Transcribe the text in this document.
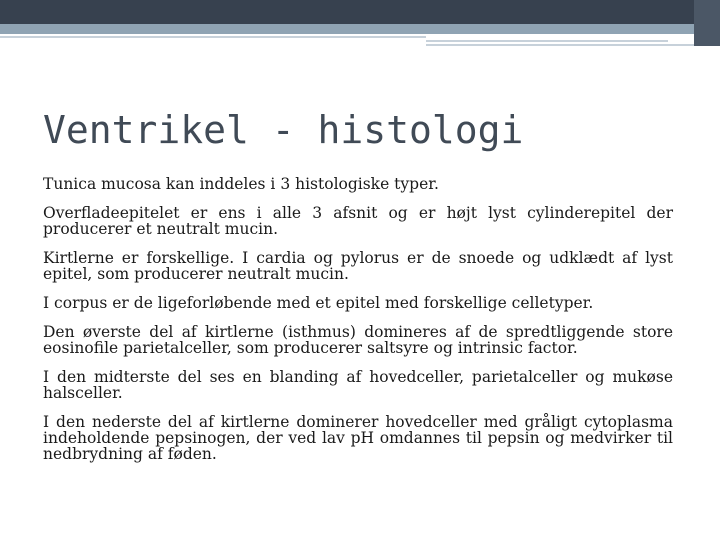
Ventrikel - histologi

Tunica mucosa kan inddeles i 3 histologiske typer.

Overfladeepitelet er ens i alle 3 afsnit og er højt lyst cylinderepitel der producerer et neutralt mucin.

Kirtlerne er forskellige. I cardia og pylorus er de snoede og udklædt af lyst epitel, som producerer neutralt mucin.

I corpus er de ligeforløbende med et epitel med forskellige celletyper.

Den øverste del af kirtlerne (isthmus) domineres af de spredtliggende store eosinofile parietalceller, som producerer saltsyre og intrinsic factor.

I den midterste del ses en blanding af hovedceller, parietalceller og mukøse halsceller.

I den nederste del af kirtlerne dominerer hovedceller med gråligt cytoplasma indeholdende pepsinogen, der ved lav pH omdannes til pepsin og medvirker til nedbrydning af føden.
